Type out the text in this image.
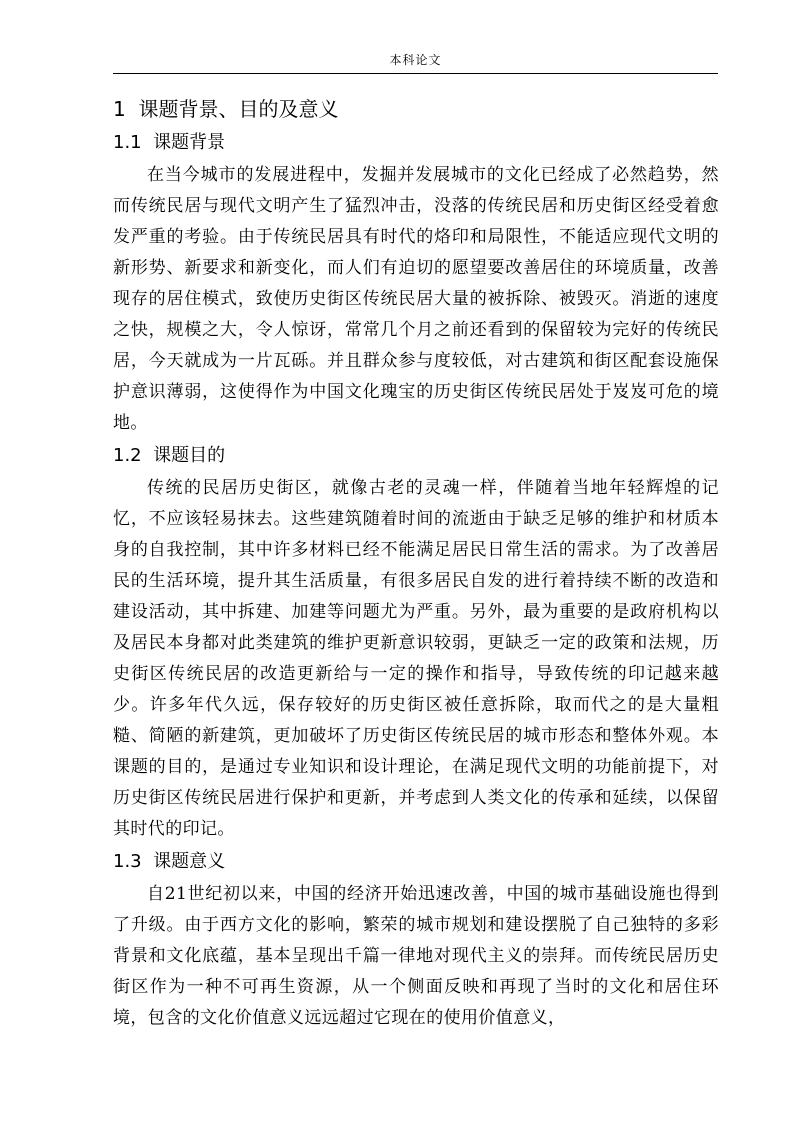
本科论文
1 课题背景、目的及意义
1.1 课题背景

在当今城市的发展进程中，发掘并发展城市的文化已经成了必然趋势，然而传统民居与现代文明产生了猛烈冲击，没落的传统民居和历史街区经受着愈发严重的考验。由于传统民居具有时代的烙印和局限性，不能适应现代文明的新形势、新要求和新变化，而人们有迫切的愿望要改善居住的环境质量，改善现存的居住模式，致使历史街区传统民居大量的被拆除、被毁灭。消逝的速度之快，规模之大，令人惊讶，常常几个月之前还看到的保留较为完好的传统民居，今天就成为一片瓦砾。并且群众参与度较低，对古建筑和街区配套设施保护意识薄弱，这使得作为中国文化瑰宝的历史街区传统民居处于岌岌可危的境地。

1.2 课题目的

传统的民居历史街区，就像古老的灵魂一样，伴随着当地年轻辉煌的记忆，不应该轻易抹去。这些建筑随着时间的流逝由于缺乏足够的维护和材质本身的自我控制，其中许多材料已经不能满足居民日常生活的需求。为了改善居民的生活环境，提升其生活质量，有很多居民自发的进行着持续不断的改造和建设活动，其中拆建、加建等问题尤为严重。另外，最为重要的是政府机构以及居民本身都对此类建筑的维护更新意识较弱，更缺乏一定的政策和法规，历史街区传统民居的改造更新给与一定的操作和指导，导致传统的印记越来越少。许多年代久远，保存较好的历史街区被任意拆除，取而代之的是大量粗糙、简陋的新建筑，更加破坏了历史街区传统民居的城市形态和整体外观。本课题的目的，是通过专业知识和设计理论，在满足现代文明的功能前提下，对历史街区传统民居进行保护和更新，并考虑到人类文化的传承和延续，以保留其时代的印记。

1.3 课题意义

自21世纪初以来，中国的经济开始迅速改善，中国的城市基础设施也得到了升级。由于西方文化的影响，繁荣的城市规划和建设摆脱了自己独特的多彩背景和文化底蕴，基本呈现出千篇一律地对现代主义的崇拜。而传统民居历史街区作为一种不可再生资源，从一个侧面反映和再现了当时的文化和居住环境，包含的文化价值意义远远超过它现在的使用价值意义，
